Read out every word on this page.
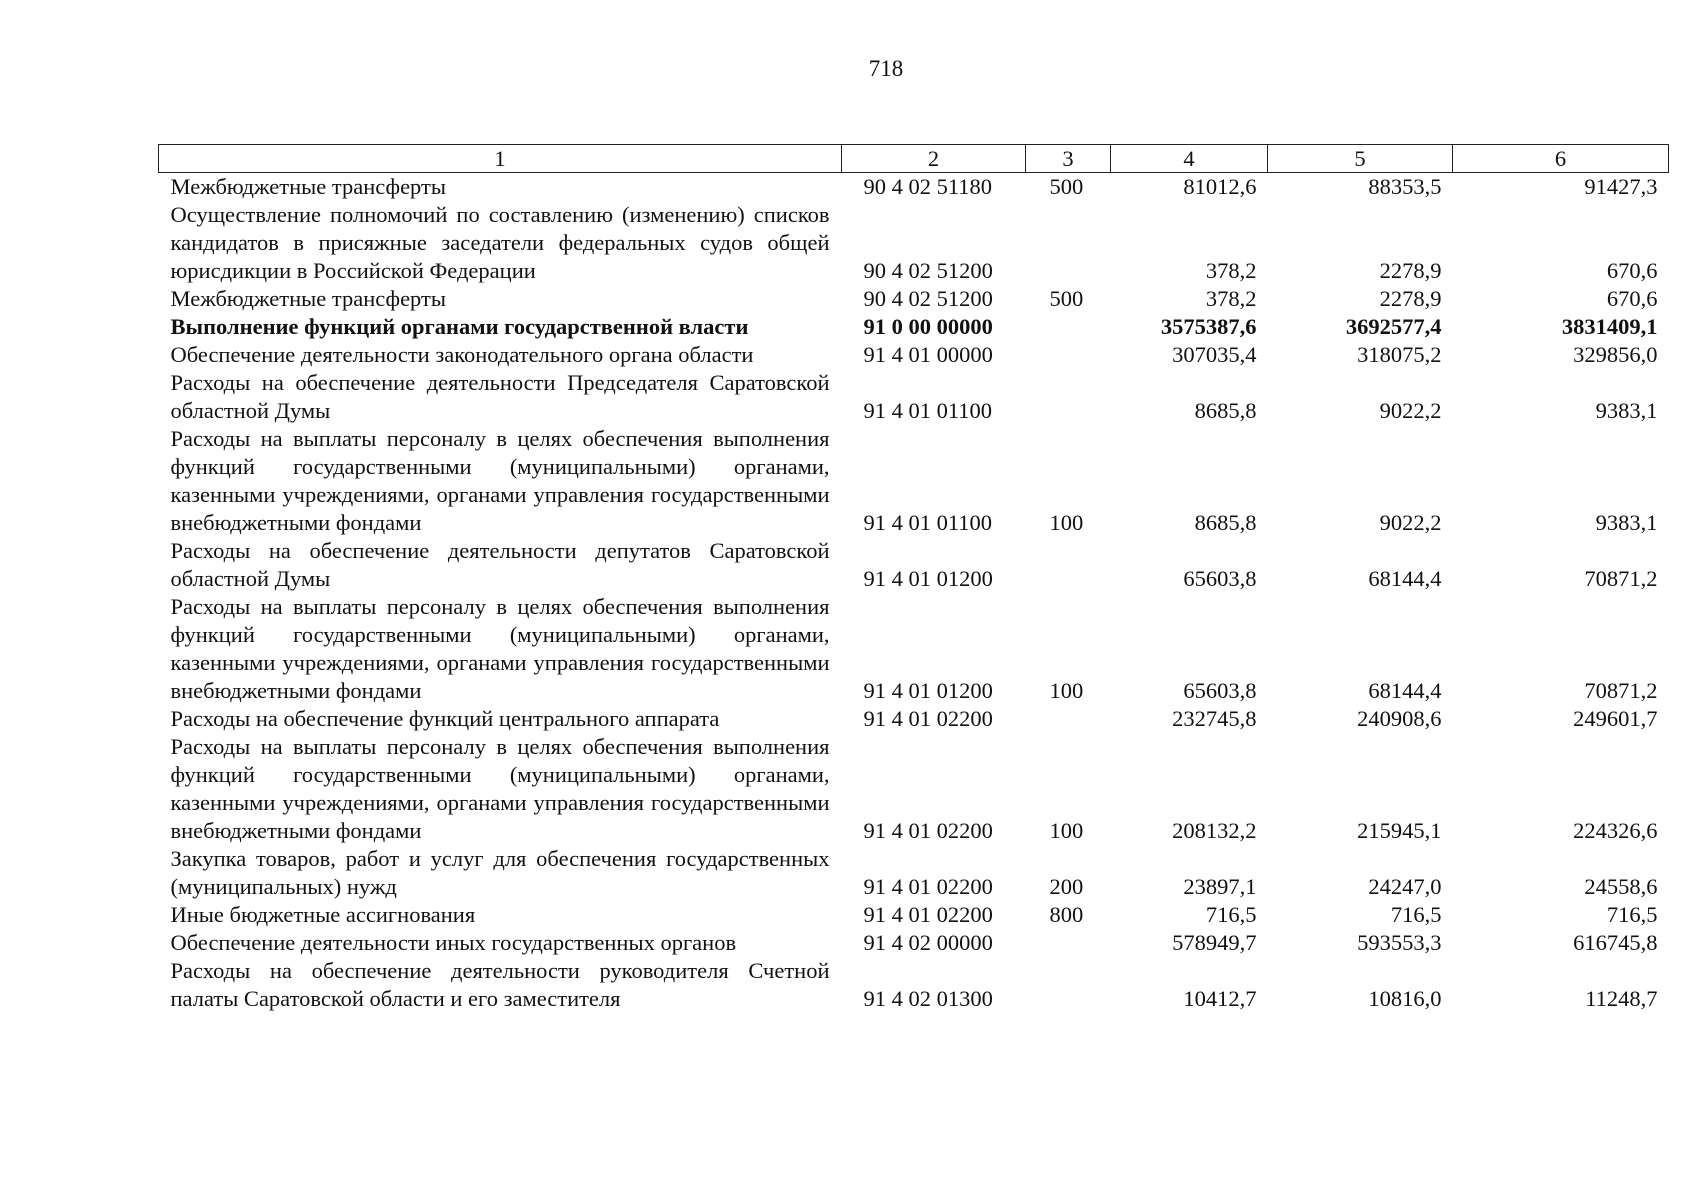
718
1	2	3	4	5	6
Межбюджетные трансферты	90 4 02 51180	500	81012,6	88353,5	91427,3
Осуществление полномочий по составлению (изменению) списков кандидатов в присяжные заседатели федеральных судов общей юрисдикции в Российской Федерации	90 4 02 51200		378,2	2278,9	670,6
Межбюджетные трансферты	90 4 02 51200	500	378,2	2278,9	670,6
Выполнение функций органами государственной власти	91 0 00 00000		3575387,6	3692577,4	3831409,1
Обеспечение деятельности законодательного органа области	91 4 01 00000		307035,4	318075,2	329856,0
Расходы на обеспечение деятельности Председателя Саратовской областной Думы	91 4 01 01100		8685,8	9022,2	9383,1
Расходы на выплаты персоналу в целях обеспечения выполнения функций государственными (муниципальными) органами, казенными учреждениями, органами управления государственными внебюджетными фондами	91 4 01 01100	100	8685,8	9022,2	9383,1
Расходы на обеспечение деятельности депутатов Саратовской областной Думы	91 4 01 01200		65603,8	68144,4	70871,2
Расходы на выплаты персоналу в целях обеспечения выполнения функций государственными (муниципальными) органами, казенными учреждениями, органами управления государственными внебюджетными фондами	91 4 01 01200	100	65603,8	68144,4	70871,2
Расходы на обеспечение функций центрального аппарата	91 4 01 02200		232745,8	240908,6	249601,7
Расходы на выплаты персоналу в целях обеспечения выполнения функций государственными (муниципальными) органами, казенными учреждениями, органами управления государственными внебюджетными фондами	91 4 01 02200	100	208132,2	215945,1	224326,6
Закупка товаров, работ и услуг для обеспечения государственных (муниципальных) нужд	91 4 01 02200	200	23897,1	24247,0	24558,6
Иные бюджетные ассигнования	91 4 01 02200	800	716,5	716,5	716,5
Обеспечение деятельности иных государственных органов	91 4 02 00000		578949,7	593553,3	616745,8
Расходы на обеспечение деятельности руководителя Счетной палаты Саратовской области и его заместителя	91 4 02 01300		10412,7	10816,0	11248,7
